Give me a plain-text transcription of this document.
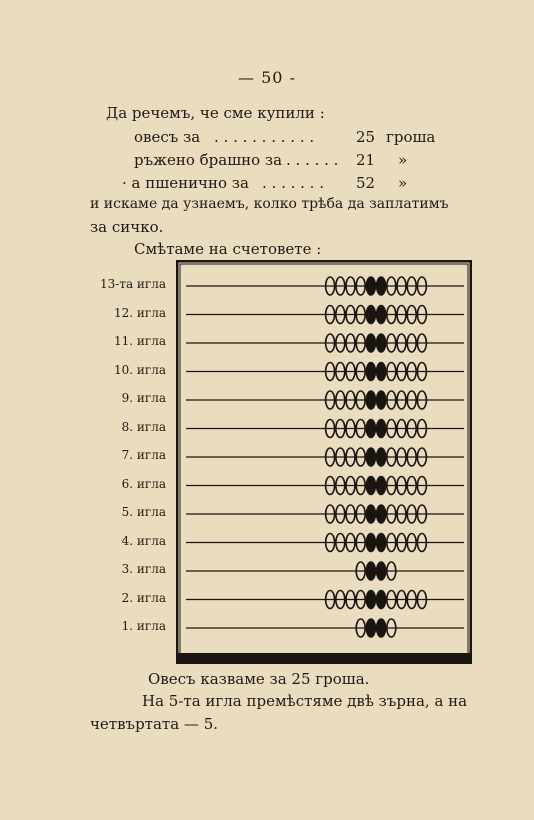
— 50 -
Да речемъ, че сме купили :
овесъ за . . . . . . . . . . .	25 гроша
ръжено брашно за . . . . . . 21 »
· а пшенично за . . . . . . . 52 »
и искаме да узнаемъ, колко трѣба да заплатимъ
за сичко.
Смѣтаме на счетовете :
13-та игла
12. игла
11. игла
10. игла
9. игла
8. игла
7. игла
6. игла
5. игла
4. игла
3. игла
2. игла
1. игла
Овесъ казваме за 25 гроша.
На 5-та игла премѣстяме двѣ зърна, а на
четвъртата — 5.
